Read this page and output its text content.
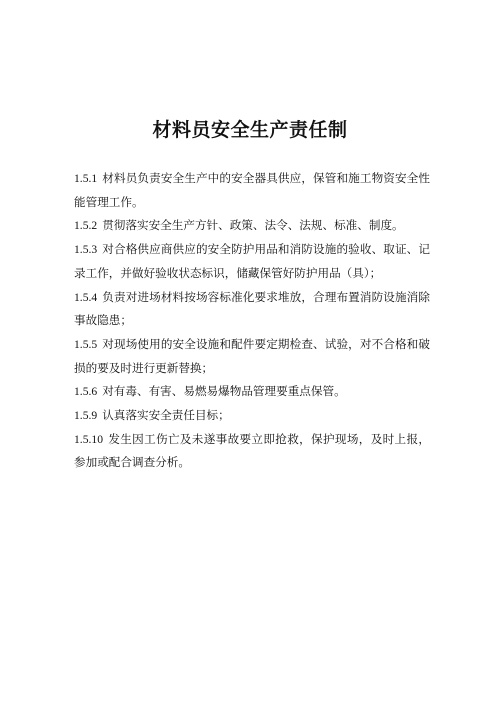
材料员安全生产责任制
1.5.1 材料员负责安全生产中的安全器具供应，保管和施工物资安全性能管理工作。
1.5.2 贯彻落实安全生产方针、政策、法令、法规、标准、制度。
1.5.3 对合格供应商供应的安全防护用品和消防设施的验收、取证、记录工作，并做好验收状态标识，储藏保管好防护用品（具）；
1.5.4 负责对进场材料按场容标准化要求堆放，合理布置消防设施消除事故隐患；
1.5.5 对现场使用的安全设施和配件要定期检查、试验，对不合格和破损的要及时进行更新替换；
1.5.6 对有毒、有害、易燃易爆物品管理要重点保管。
1.5.9 认真落实安全责任目标；
1.5.10 发生因工伤亡及未遂事故要立即抢救，保护现场，及时上报，参加或配合调查分析。
